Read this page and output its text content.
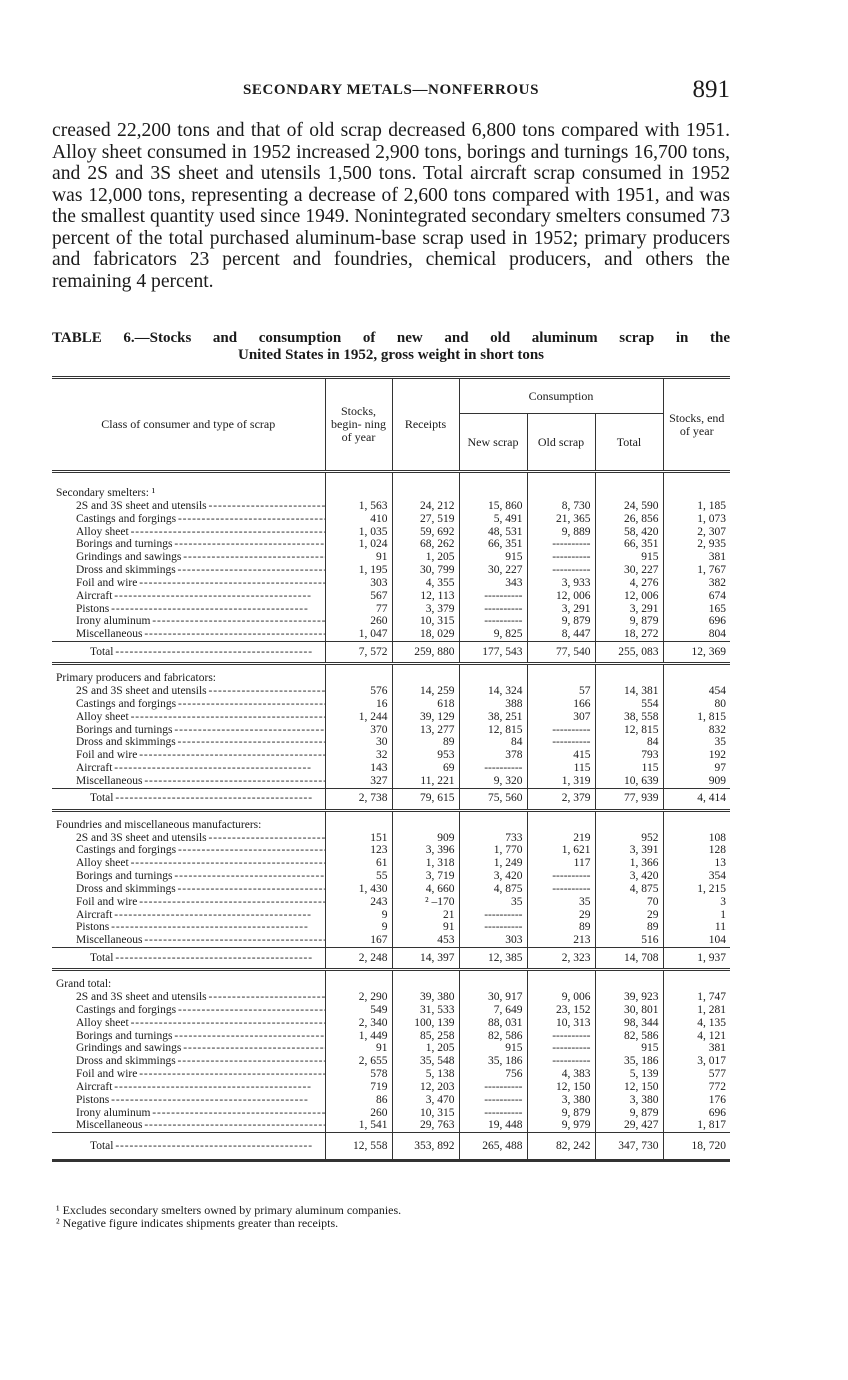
SECONDARY METALS—NONFERROUS	891

creased 22,200 tons and that of old scrap decreased 6,800 tons compared with 1951. Alloy sheet consumed in 1952 increased 2,900 tons, borings and turnings 16,700 tons, and 2S and 3S sheet and utensils 1,500 tons. Total aircraft scrap consumed in 1952 was 12,000 tons, representing a decrease of 2,600 tons compared with 1951, and was the smallest quantity used since 1949. Nonintegrated secondary smelters consumed 73 percent of the total purchased aluminum-base scrap used in 1952; primary producers and fabricators 23 percent and foundries, chemical producers, and others the remaining 4 percent.

TABLE 6.—Stocks and consumption of new and old aluminum scrap in the
United States in 1952, gross weight in short tons
Class of consumer and type of scrap	Stocks, begin- ning of year	Receipts	Consumption			Stocks, end of year
			New scrap	Old scrap	Total	

Secondary smelters: ¹						

2S and 3S sheet and utensils - - -	1, 563	24, 212	15, 860	8, 730	24, 590	1, 185

Castings and forgings - - -	410	27, 519	5, 491	21, 365	26, 856	1, 073

Alloy sheet - - -	1, 035	59, 692	48, 531	9, 889	58, 420	2, 307

Borings and turnings - - -	1, 024	68, 262	66, 351	----------	66, 351	2, 935

Grindings and sawings - - -	91	1, 205	915	----------	915	381

Dross and skimmings - - -	1, 195	30, 799	30, 227	----------	30, 227	1, 767

Foil and wire - - -	303	4, 355	343	3, 933	4, 276	382

Aircraft - - -	567	12, 113	----------	12, 006	12, 006	674

Pistons - - -	77	3, 379	----------	3, 291	3, 291	165

Irony aluminum - - -	260	10, 315	----------	9, 879	9, 879	696

Miscellaneous - - -	1, 047	18, 029	9, 825	8, 447	18, 272	804

Total - - -	7, 572	259, 880	177, 543	77, 540	255, 083	12, 369

Primary producers and fabricators:						

2S and 3S sheet and utensils - - -	576	14, 259	14, 324	57	14, 381	454

Castings and forgings - - -	16	618	388	166	554	80

Alloy sheet - - -	1, 244	39, 129	38, 251	307	38, 558	1, 815

Borings and turnings - - -	370	13, 277	12, 815	----------	12, 815	832

Dross and skimmings - - -	30	89	84	----------	84	35

Foil and wire - - -	32	953	378	415	793	192

Aircraft - - -	143	69	----------	115	115	97

Miscellaneous - - -	327	11, 221	9, 320	1, 319	10, 639	909

Total - - -	2, 738	79, 615	75, 560	2, 379	77, 939	4, 414

Foundries and miscellaneous manufacturers:						

2S and 3S sheet and utensils - - -	151	909	733	219	952	108

Castings and forgings - - -	123	3, 396	1, 770	1, 621	3, 391	128

Alloy sheet - - -	61	1, 318	1, 249	117	1, 366	13

Borings and turnings - - -	55	3, 719	3, 420	----------	3, 420	354

Dross and skimmings - - -	1, 430	4, 660	4, 875	----------	4, 875	1, 215

Foil and wire - - -	243	² –170	35	35	70	3

Aircraft - - -	9	21	----------	29	29	1

Pistons - - -	9	91	----------	89	89	11

Miscellaneous - - -	167	453	303	213	516	104

Total - - -	2, 248	14, 397	12, 385	2, 323	14, 708	1, 937

Grand total:						

2S and 3S sheet and utensils - - -	2, 290	39, 380	30, 917	9, 006	39, 923	1, 747

Castings and forgings - - -	549	31, 533	7, 649	23, 152	30, 801	1, 281

Alloy sheet - - -	2, 340	100, 139	88, 031	10, 313	98, 344	4, 135

Borings and turnings - - -	1, 449	85, 258	82, 586	----------	82, 586	4, 121

Grindings and sawings - - -	91	1, 205	915	----------	915	381

Dross and skimmings - - -	2, 655	35, 548	35, 186	----------	35, 186	3, 017

Foil and wire - - -	578	5, 138	756	4, 383	5, 139	577

Aircraft - - -	719	12, 203	----------	12, 150	12, 150	772

Pistons - - -	86	3, 470	----------	3, 380	3, 380	176

Irony aluminum - - -	260	10, 315	----------	9, 879	9, 879	696

Miscellaneous - - -	1, 541	29, 763	19, 448	9, 979	29, 427	1, 817

Total - - -	12, 558	353, 892	265, 488	82, 242	347, 730	18, 720
¹ Excludes secondary smelters owned by primary aluminum companies.
² Negative figure indicates shipments greater than receipts.
